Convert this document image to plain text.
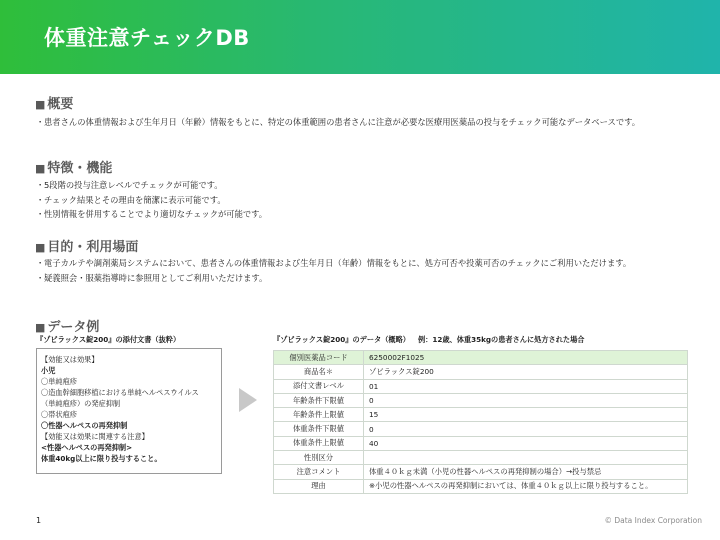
体重注意チェックDB
■ 概要
・ 患者さんの体重情報および生年月日（年齢）情報をもとに、特定の体重範囲の患者さんに注意が必要な医療用医薬品の投与をチェック可能なデータベースです。
■ 特徴・機能
・ 5段階の投与注意レベルでチェックが可能です。
・ チェック結果とその理由を簡潔に表示可能です。
・ 性別情報を併用することでより適切なチェックが可能です。
■ 目的・利用場面
・ 電子カルテや調剤薬局システムにおいて、患者さんの体重情報および生年月日（年齢）情報をもとに、処方可否や投薬可否のチェックにご利用いただけます。
・ 疑義照会・服薬指導時に参照用としてご利用いただけます。
■ データ例
『ゾビラックス錠200』の添付文書（抜粋）	『ゾビラックス錠200』のデータ（概略） 例：12歳、体重35kgの患者さんに処方された場合
【効能又は効果】
小児
〇単純疱疹
〇造血幹細胞移植における単純ヘルペスウイルス
（単純疱疹）の発症抑制
〇帯状疱疹
〇性器ヘルペスの再発抑制
【効能又は効果に関連する注意】
<性器ヘルペスの再発抑制>
体重40kg以上に限り投与すること。
個別医薬品コード	6250002F1025
商品名＊	ゾビラックス錠200
添付文書レベル	01
年齢条件下限値	0
年齢条件上限値	15
体重条件下限値	0
体重条件上限値	40
性別区分	
注意コメント	体重４０ｋｇ未満（小児の性器ヘルペスの再発抑制の場合）→投与禁忌
理由	※小児の性器ヘルペスの再発抑制においては、体重４０ｋｇ以上に限り投与すること。
1	© Data Index Corporation
